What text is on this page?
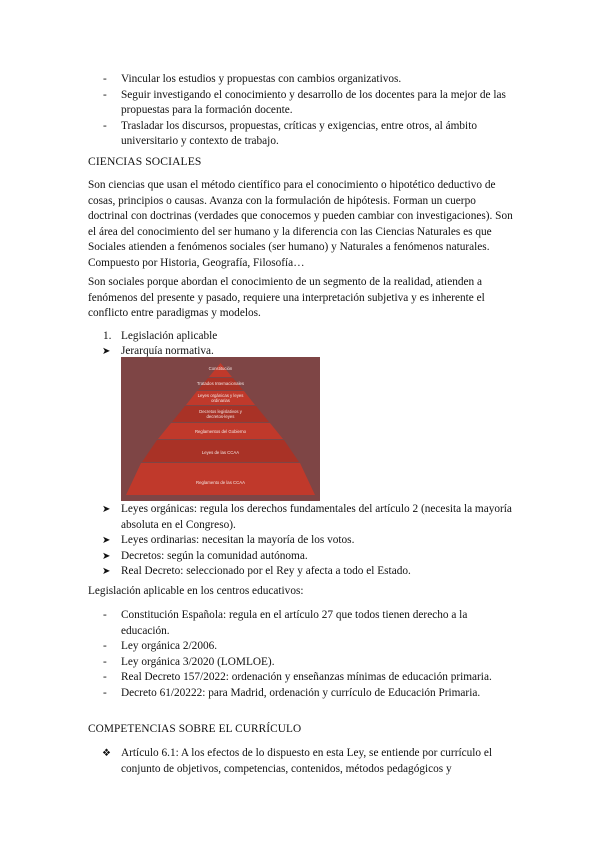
- Vincular los estudios y propuestas con cambios organizativos.
- Seguir investigando el conocimiento y desarrollo de los docentes para la mejor de las propuestas para la formación docente.
- Trasladar los discursos, propuestas, críticas y exigencias, entre otros, al ámbito universitario y contexto de trabajo.
CIENCIAS SOCIALES

Son ciencias que usan el método científico para el conocimiento o hipotético deductivo de cosas, principios o causas. Avanza con la formulación de hipótesis. Forman un cuerpo doctrinal con doctrinas (verdades que conocemos y pueden cambiar con investigaciones). Son el área del conocimiento del ser humano y la diferencia con las Ciencias Naturales es que Sociales atienden a fenómenos sociales (ser humano) y Naturales a fenómenos naturales. Compuesto por Historia, Geografía, Filosofía…

Son sociales porque abordan el conocimiento de un segmento de la realidad, atienden a fenómenos del presente y pasado, requiere una interpretación subjetiva y es inherente el conflicto entre paradigmas y modelos.

1. Legislación aplicable
➤ Jerarquía normativa.
Constitución
Tratados Internacionales
Leyes orgánicas y leyes ordinarias
Decretos legislativos y decretos-leyes
Reglamentos del Gobierno
Leyes de las CCAA
Reglamento de las CCAA
➤ Leyes orgánicas: regula los derechos fundamentales del artículo 2 (necesita la mayoría absoluta en el Congreso).
➤ Leyes ordinarias: necesitan la mayoría de los votos.
➤ Decretos: según la comunidad autónoma.
➤ Real Decreto: seleccionado por el Rey y afecta a todo el Estado.
Legislación aplicable en los centros educativos:
- Constitución Española: regula en el artículo 27 que todos tienen derecho a la educación.
- Ley orgánica 2/2006.
- Ley orgánica 3/2020 (LOMLOE).
- Real Decreto 157/2022: ordenación y enseñanzas mínimas de educación primaria.
- Decreto 61/20222: para Madrid, ordenación y currículo de Educación Primaria.
COMPETENCIAS SOBRE EL CURRÍCULO
❖ Artículo 6.1: A los efectos de lo dispuesto en esta Ley, se entiende por currículo el conjunto de objetivos, competencias, contenidos, métodos pedagógicos y
